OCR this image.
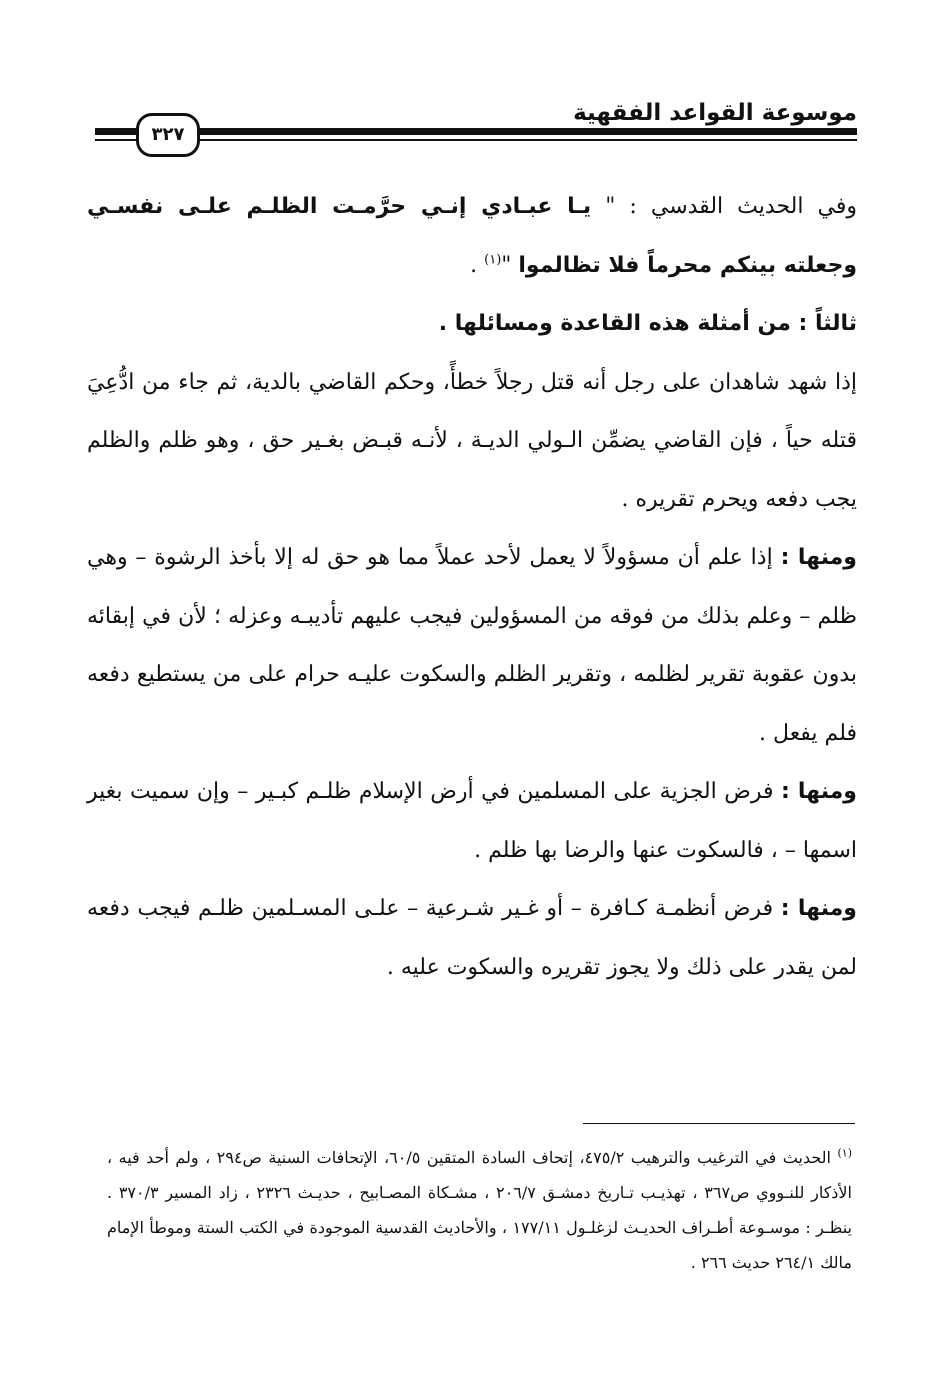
موسوعة القواعد الفقهية
٣٢٧

وفي الحديث القدسي : " يـا عبـادي إنـي حرَّمـت الظلـم علـى نفسـي وجعلته بينكم محرماً فلا تظالموا "$^{(١)}$ .

ثالثاً : من أمثلة هذه القاعدة ومسائلها .

إذا شهد شاهدان على رجل أنه قتل رجلاً خطأً، وحكم القاضي بالدية، ثم جاء من ادُّعِيَ قتله حياً ، فإن القاضي يضمِّن الـولي الديـة ، لأنـه قبـض بغـير حق ، وهو ظلم والظلم يجب دفعه ويحرم تقريره .

ومنها : إذا علم أن مسؤولاً لا يعمل لأحد عملاً مما هو حق له إلا بأخذ الرشوة – وهي ظلم – وعلم بذلك من فوقه من المسؤولين فيجب عليهم تأديبـه وعزله ؛ لأن في إبقائه بدون عقوبة تقرير لظلمه ، وتقرير الظلم والسكوت عليـه حرام على من يستطيع دفعه فلم يفعل .

ومنها : فرض الجزية على المسلمين في أرض الإسلام ظلـم كبـير – وإن سميت بغير اسمها – ، فالسكوت عنها والرضا بها ظلم .

ومنها : فرض أنظمـة كـافرة – أو غـير شـرعية – علـى المسـلمين ظلـم فيجب دفعه لمن يقدر على ذلك ولا يجوز تقريره والسكوت عليه .

$^{(١)}$ الحديث في الترغيب والترهيب ٤٧٥/٢، إتحاف السادة المتقين ٦٠/٥، الإتحافات السنية ص٢٩٤ ، ولم أحد فيه ، الأذكار للنـووي ص٣٦٧ ، تهذيـب تـاريخ دمشـق ٢٠٦/٧ ، مشـكاة المصـابيح ، حديـث ٢٣٢٦ ، زاد المسير ٣٧٠/٣ . ينظـر : موسـوعة أطـراف الحديـث لزغلـول ١٧٧/١١ ، والأحاديث القدسية الموجودة في الكتب الستة وموطأ الإمام مالك ٢٦٤/١ حديث ٢٦٦ .
